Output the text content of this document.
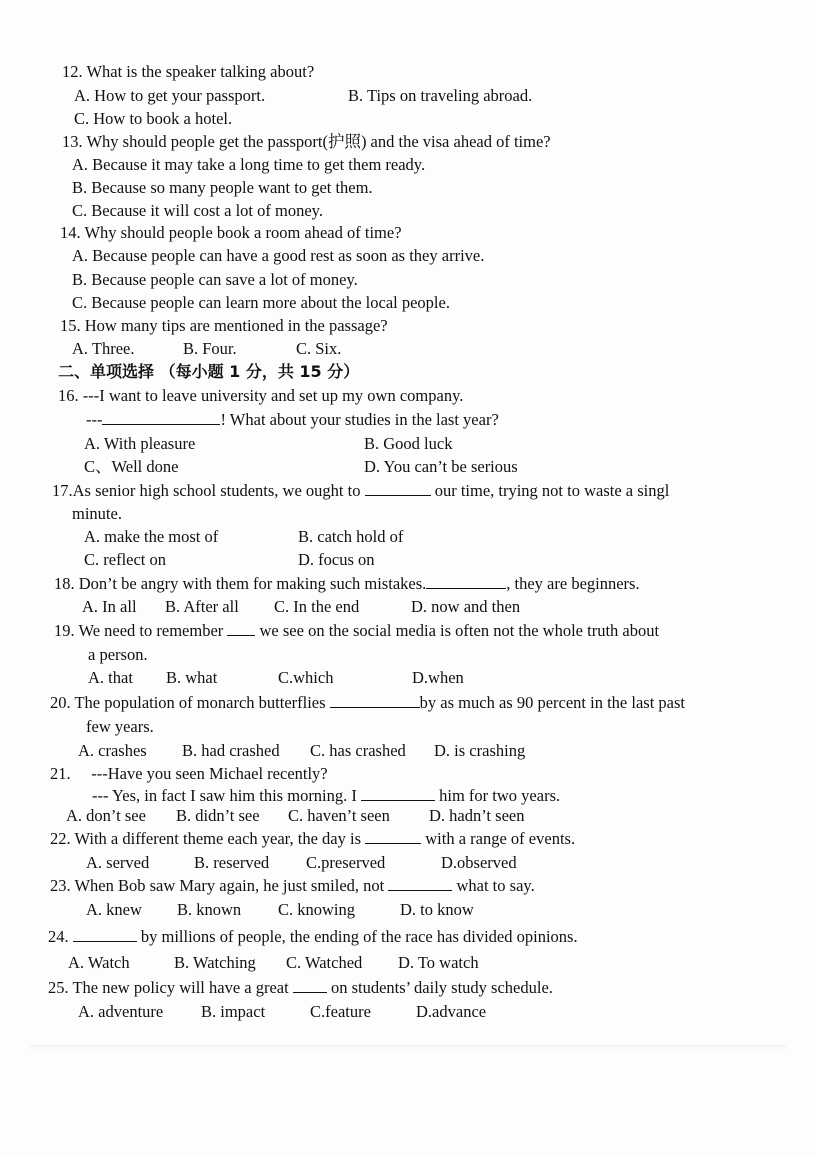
12. What is the speaker talking about?
A. How to get your passport.	B. Tips on traveling abroad.
C. How to book a hotel.
13. Why should people get the passport(护照) and the visa ahead of time?
A. Because it may take a long time to get them ready.
B. Because so many people want to get them.
C. Because it will cost a lot of money.
14. Why should people book a room ahead of time?
A. Because people can have a good rest as soon as they arrive.
B. Because people can save a lot of money.
C. Because people can learn more about the local people.
15. How many tips are mentioned in the passage?
A. Three.	B. Four.	C. Six.
二、单项选择 （每小题 1 分，共 15 分）
16. ---I want to leave university and set up my own company.
---	! What about your studies in the last year?
A. With pleasure	B. Good luck
C、Well done	D. You can’t be serious
17.As senior high school students, we ought to	our time, trying not to waste a singl
minute.
A. make the most of	B. catch hold of
C. reflect on	D. focus on
18. Don’t be angry with them for making such mistakes.	, they are beginners.
A. In all B. After all C. In the end	D. now and then
19. We need to remember we see on the social media is often not the whole truth about
a person.
A. that B. what	C.which	D.when
20. The population of monarch butterflies	by as much as 90 percent in the last past
few years.
A. crashes B. had crashed C. has crashed D. is crashing
21.     ---Have you seen Michael recently?
--- Yes, in fact I saw him this morning. I	him for two years.
A. don’t see B. didn’t see C. haven’t seen D. hadn’t seen
22. With a different theme each year, the day is	with a range of events.
A. served	B. reserved C.preserved	D.observed
23. When Bob saw Mary again, he just smiled, not	what to say.
A. knew B. known C. knowing	D. to know
24.	by millions of people, the ending of the race has divided opinions.
A. Watch	B. Watching C. Watched D. To watch
25. The new policy will have a great	on students’ daily study schedule.
A. adventure B. impact	C.feature	D.advance
